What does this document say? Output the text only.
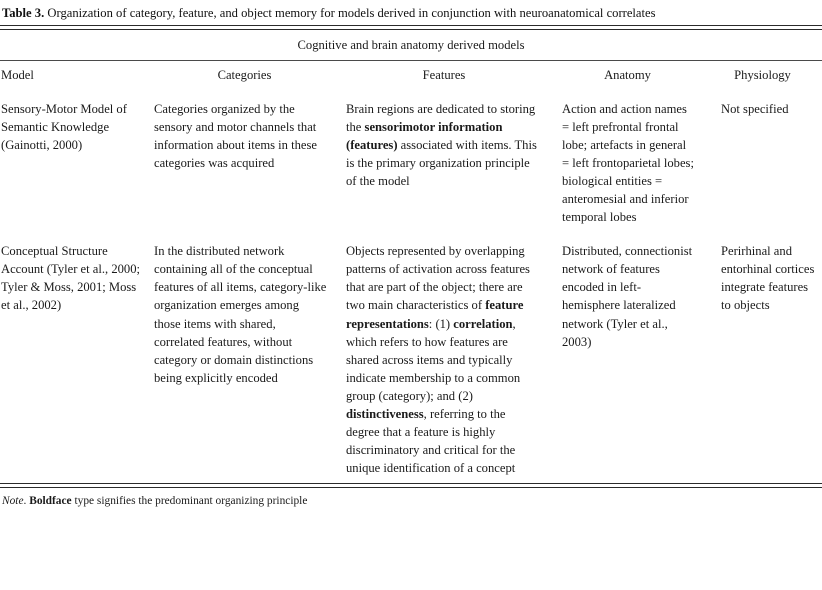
Table 3. Organization of category, feature, and object memory for models derived in conjunction with neuroanatomical correlates
Cognitive and brain anatomy derived models
Model	Categories	Features	Anatomy	Physiology
Sensory-Motor Model of Semantic Knowledge (Gainotti, 2000)	Categories organized by the sensory and motor channels that information about items in these categories was acquired	Brain regions are dedicated to storing the sensorimotor information (features) associated with items. This is the primary organization principle of the model	Action and action names = left prefrontal frontal lobe; artefacts in general = left frontoparietal lobes; biological entities = anteromesial and inferior temporal lobes	Not specified
Conceptual Structure Account (Tyler et al., 2000; Tyler & Moss, 2001; Moss et al., 2002)	In the distributed network containing all of the conceptual features of all items, category-like organization emerges among those items with shared, correlated features, without category or domain distinctions being explicitly encoded	Objects represented by overlapping patterns of activation across features that are part of the object; there are two main characteristics of feature representations: (1) correlation, which refers to how features are shared across items and typically indicate membership to a common group (category); and (2) distinctiveness, referring to the degree that a feature is highly discriminatory and critical for the unique identification of a concept	Distributed, connectionist network of features encoded in left-hemisphere lateralized network (Tyler et al., 2003)	Perirhinal and entorhinal cortices integrate features to objects
Note. Boldface type signifies the predominant organizing principle
